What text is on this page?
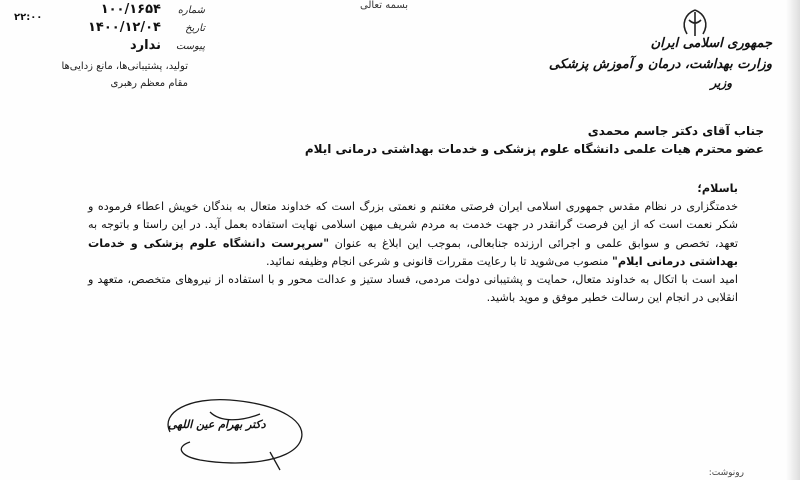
بسمه تعالی
۲۲:۰۰
شماره
۱۰۰/۱۶۵۴
تاریخ
۱۴۰۰/۱۲/۰۴
پیوست
ندارد
تولید، پشتیبانی‌ها، مانع زدایی‌ها
مقام معظم رهبری
جمهوری اسلامی ایران
وزارت بهداشت، درمان و آموزش پزشکی
وزیر
جناب آقای دکتر جاسم محمدی
عضو محترم هیات علمی دانشگاه علوم پزشکی و خدمات بهداشتی درمانی ایلام
باسلام؛

خدمتگزاری در نظام مقدس جمهوری اسلامی ایران فرصتی مغتنم و نعمتی بزرگ است که خداوند متعال به بندگان خویش اعطاء فرموده و شکر نعمت است که از این فرصت گرانقدر در جهت خدمت به مردم شریف میهن اسلامی نهایت استفاده بعمل آید. در این راستا و باتوجه به تعهد، تخصص و سوابق علمی و اجرائی ارزنده جنابعالی، بموجب این ابلاغ به عنوان "سرپرست دانشگاه علوم پزشکی و خدمات بهداشتی درمانی ایلام" منصوب می‌شوید تا با رعایت مقررات قانونی و شرعی انجام وظیفه نمائید.

امید است با اتکال به خداوند متعال، حمایت و پشتیبانی دولت مردمی، فساد ستیز و عدالت محور و با استفاده از نیروهای متخصص، متعهد و انقلابی در انجام این رسالت خطیر موفق و موید باشید.

دکتر بهرام عین اللهی
رونوشت:
